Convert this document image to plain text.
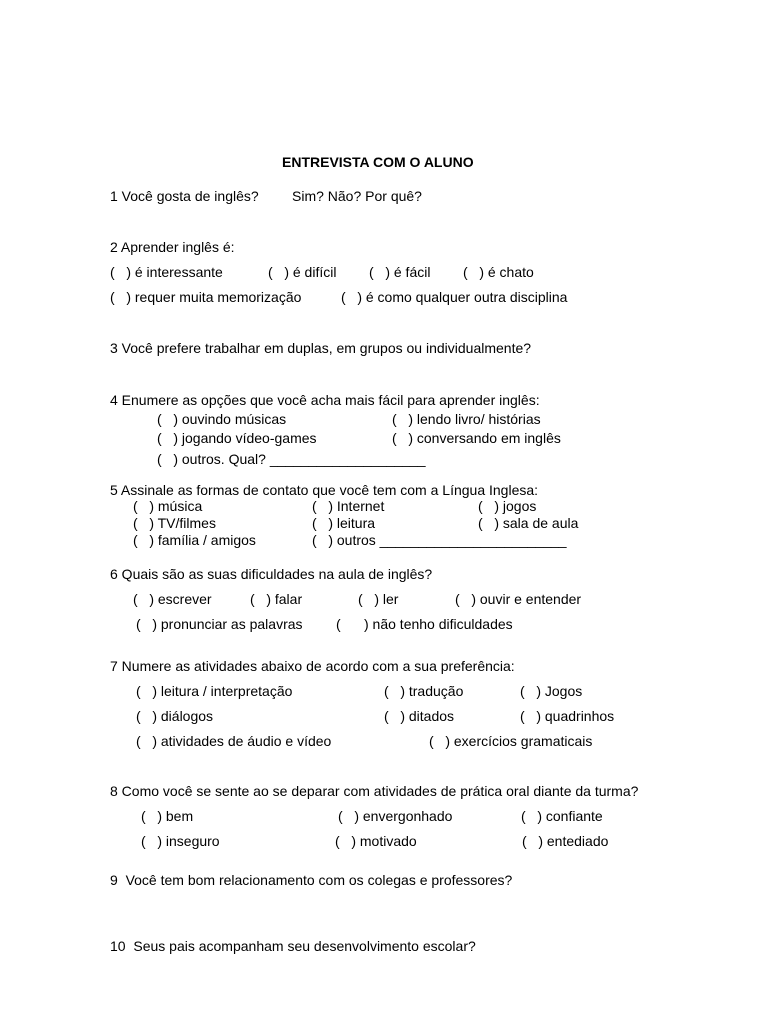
ENTREVISTA COM O ALUNO
1 Você gosta de inglês? Sim? Não? Por quê?
2 Aprender inglês é:
(   ) é interessante	(   ) é difícil (   ) é fácil (   ) é chato
(   ) requer muita memorização	(   ) é como qualquer outra disciplina
3 Você prefere trabalhar em duplas, em grupos ou individualmente?
4 Enumere as opções que você acha mais fácil para aprender inglês:
(   ) ouvindo músicas	(   ) lendo livro/ histórias
(   ) jogando vídeo-games	(   ) conversando em inglês
(   ) outros. Qual? ____________________
5 Assinale as formas de contato que você tem com a Língua Inglesa:
(   ) música	(   ) Internet	(   ) jogos
(   ) TV/filmes	(   ) leitura	(   ) sala de aula
(   ) família / amigos	(   ) outros ________________________
6 Quais são as suas dificuldades na aula de inglês?
(   ) escrever	(   ) falar	(   ) ler	(   ) ouvir e entender
(   ) pronunciar as palavras (      ) não tenho dificuldades
7 Numere as atividades abaixo de acordo com a sua preferência:
(   ) leitura / interpretação	(   ) tradução	(   ) Jogos
(   ) diálogos	(   ) ditados	(   ) quadrinhos
(   ) atividades de áudio e vídeo	(   ) exercícios gramaticais
8 Como você se sente ao se deparar com atividades de prática oral diante da turma?
(   ) bem	(   ) envergonhado	(   ) confiante
(   ) inseguro	(   ) motivado	(   ) entediado
9  Você tem bom relacionamento com os colegas e professores?
10  Seus pais acompanham seu desenvolvimento escolar?
